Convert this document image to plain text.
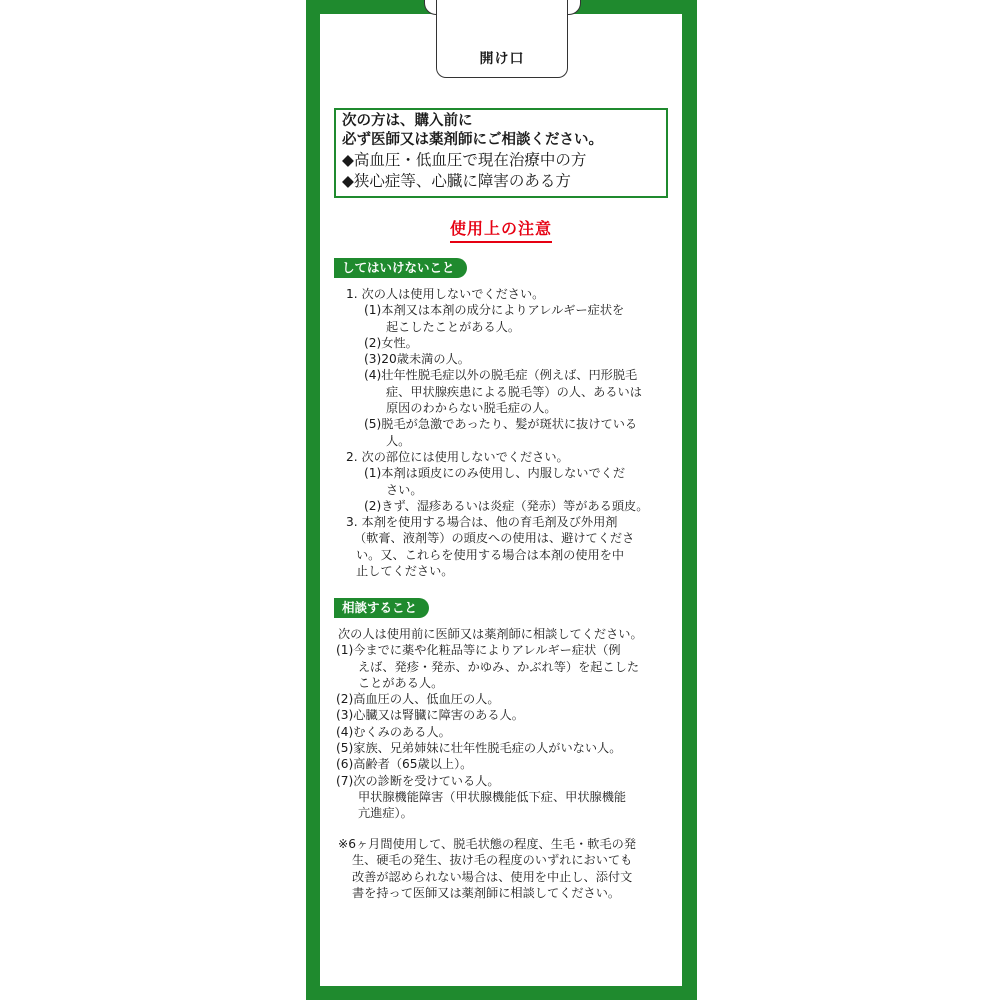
開け口
次の方は、購入前に
必ず医師又は薬剤師にご相談ください。
◆高血圧・低血圧で現在治療中の方
◆狭心症等、心臓に障害のある方
使用上の注意
してはいけないこと
1. 次の人は使用しないでください。
(1)本剤又は本剤の成分によりアレルギー症状を
起こしたことがある人。
(2)女性。
(3)20歳未満の人。
(4)壮年性脱毛症以外の脱毛症（例えば、円形脱毛
症、甲状腺疾患による脱毛等）の人、あるいは
原因のわからない脱毛症の人。
(5)脱毛が急激であったり、髪が斑状に抜けている
人。
2. 次の部位には使用しないでください。
(1)本剤は頭皮にのみ使用し、内服しないでくだ
さい。
(2)きず、湿疹あるいは炎症（発赤）等がある頭皮。
3. 本剤を使用する場合は、他の育毛剤及び外用剤
（軟膏、液剤等）の頭皮への使用は、避けてくださ
い。又、これらを使用する場合は本剤の使用を中
止してください。
相談すること
次の人は使用前に医師又は薬剤師に相談してください。
(1)今までに薬や化粧品等によりアレルギー症状（例
えば、発疹・発赤、かゆみ、かぶれ等）を起こした
ことがある人。
(2)高血圧の人、低血圧の人。
(3)心臓又は腎臓に障害のある人。
(4)むくみのある人。
(5)家族、兄弟姉妹に壮年性脱毛症の人がいない人。
(6)高齢者（65歳以上）。
(7)次の診断を受けている人。
甲状腺機能障害（甲状腺機能低下症、甲状腺機能
亢進症）。
※6ヶ月間使用して、脱毛状態の程度、生毛・軟毛の発
生、硬毛の発生、抜け毛の程度のいずれにおいても
改善が認められない場合は、使用を中止し、添付文
書を持って医師又は薬剤師に相談してください。
